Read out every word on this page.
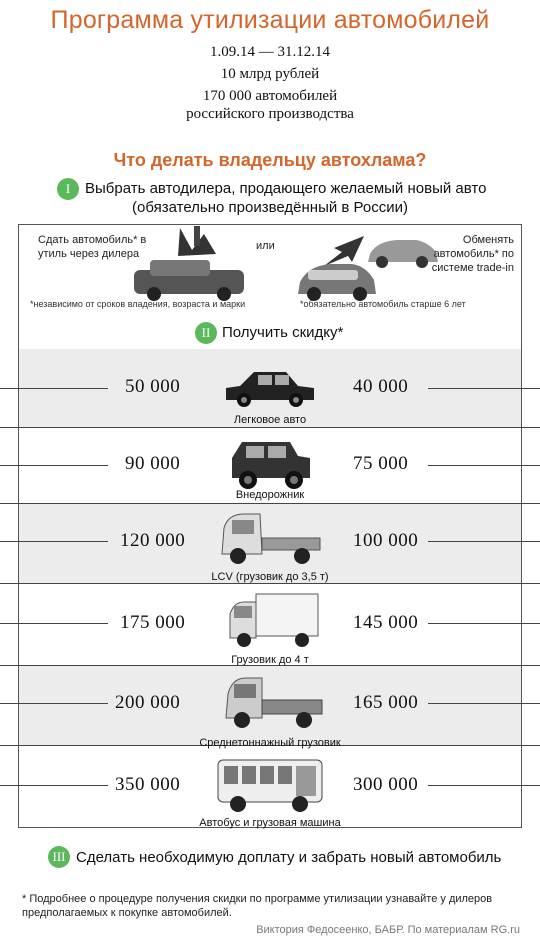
Программа утилизации автомобилей
1.09.14 — 31.12.14
10 млрд рублей
170 000 автомобилей
российского производства
Что делать владельцу автохлама?
I Выбрать автодилера, продающего желаемый новый авто
(обязательно произведённый в России)
Сдать автомобиль* в утиль через дилера
или	Обменять автомобиль* по системе trade-in
*независимо от сроков владения, возраста и марки	*обязательно автомобиль старше 6 лет
II Получить скидку*
50 000	40 000
Легковое авто
90 000	75 000
Внедорожник
120 000	100 000
LCV (грузовик до 3,5 т)
175 000	145 000
Грузовик до 4 т
200 000	165 000
Среднетоннажный грузовик
350 000	300 000
Автобус и грузовая машина
III Сделать необходимую доплату и забрать новый автомобиль
* Подробнее о процедуре получения скидки по программе утилизации узнавайте у дилеров предполагаемых к покупке автомобилей.
Виктория Федосеенко, БАБР. По материалам RG.ru
